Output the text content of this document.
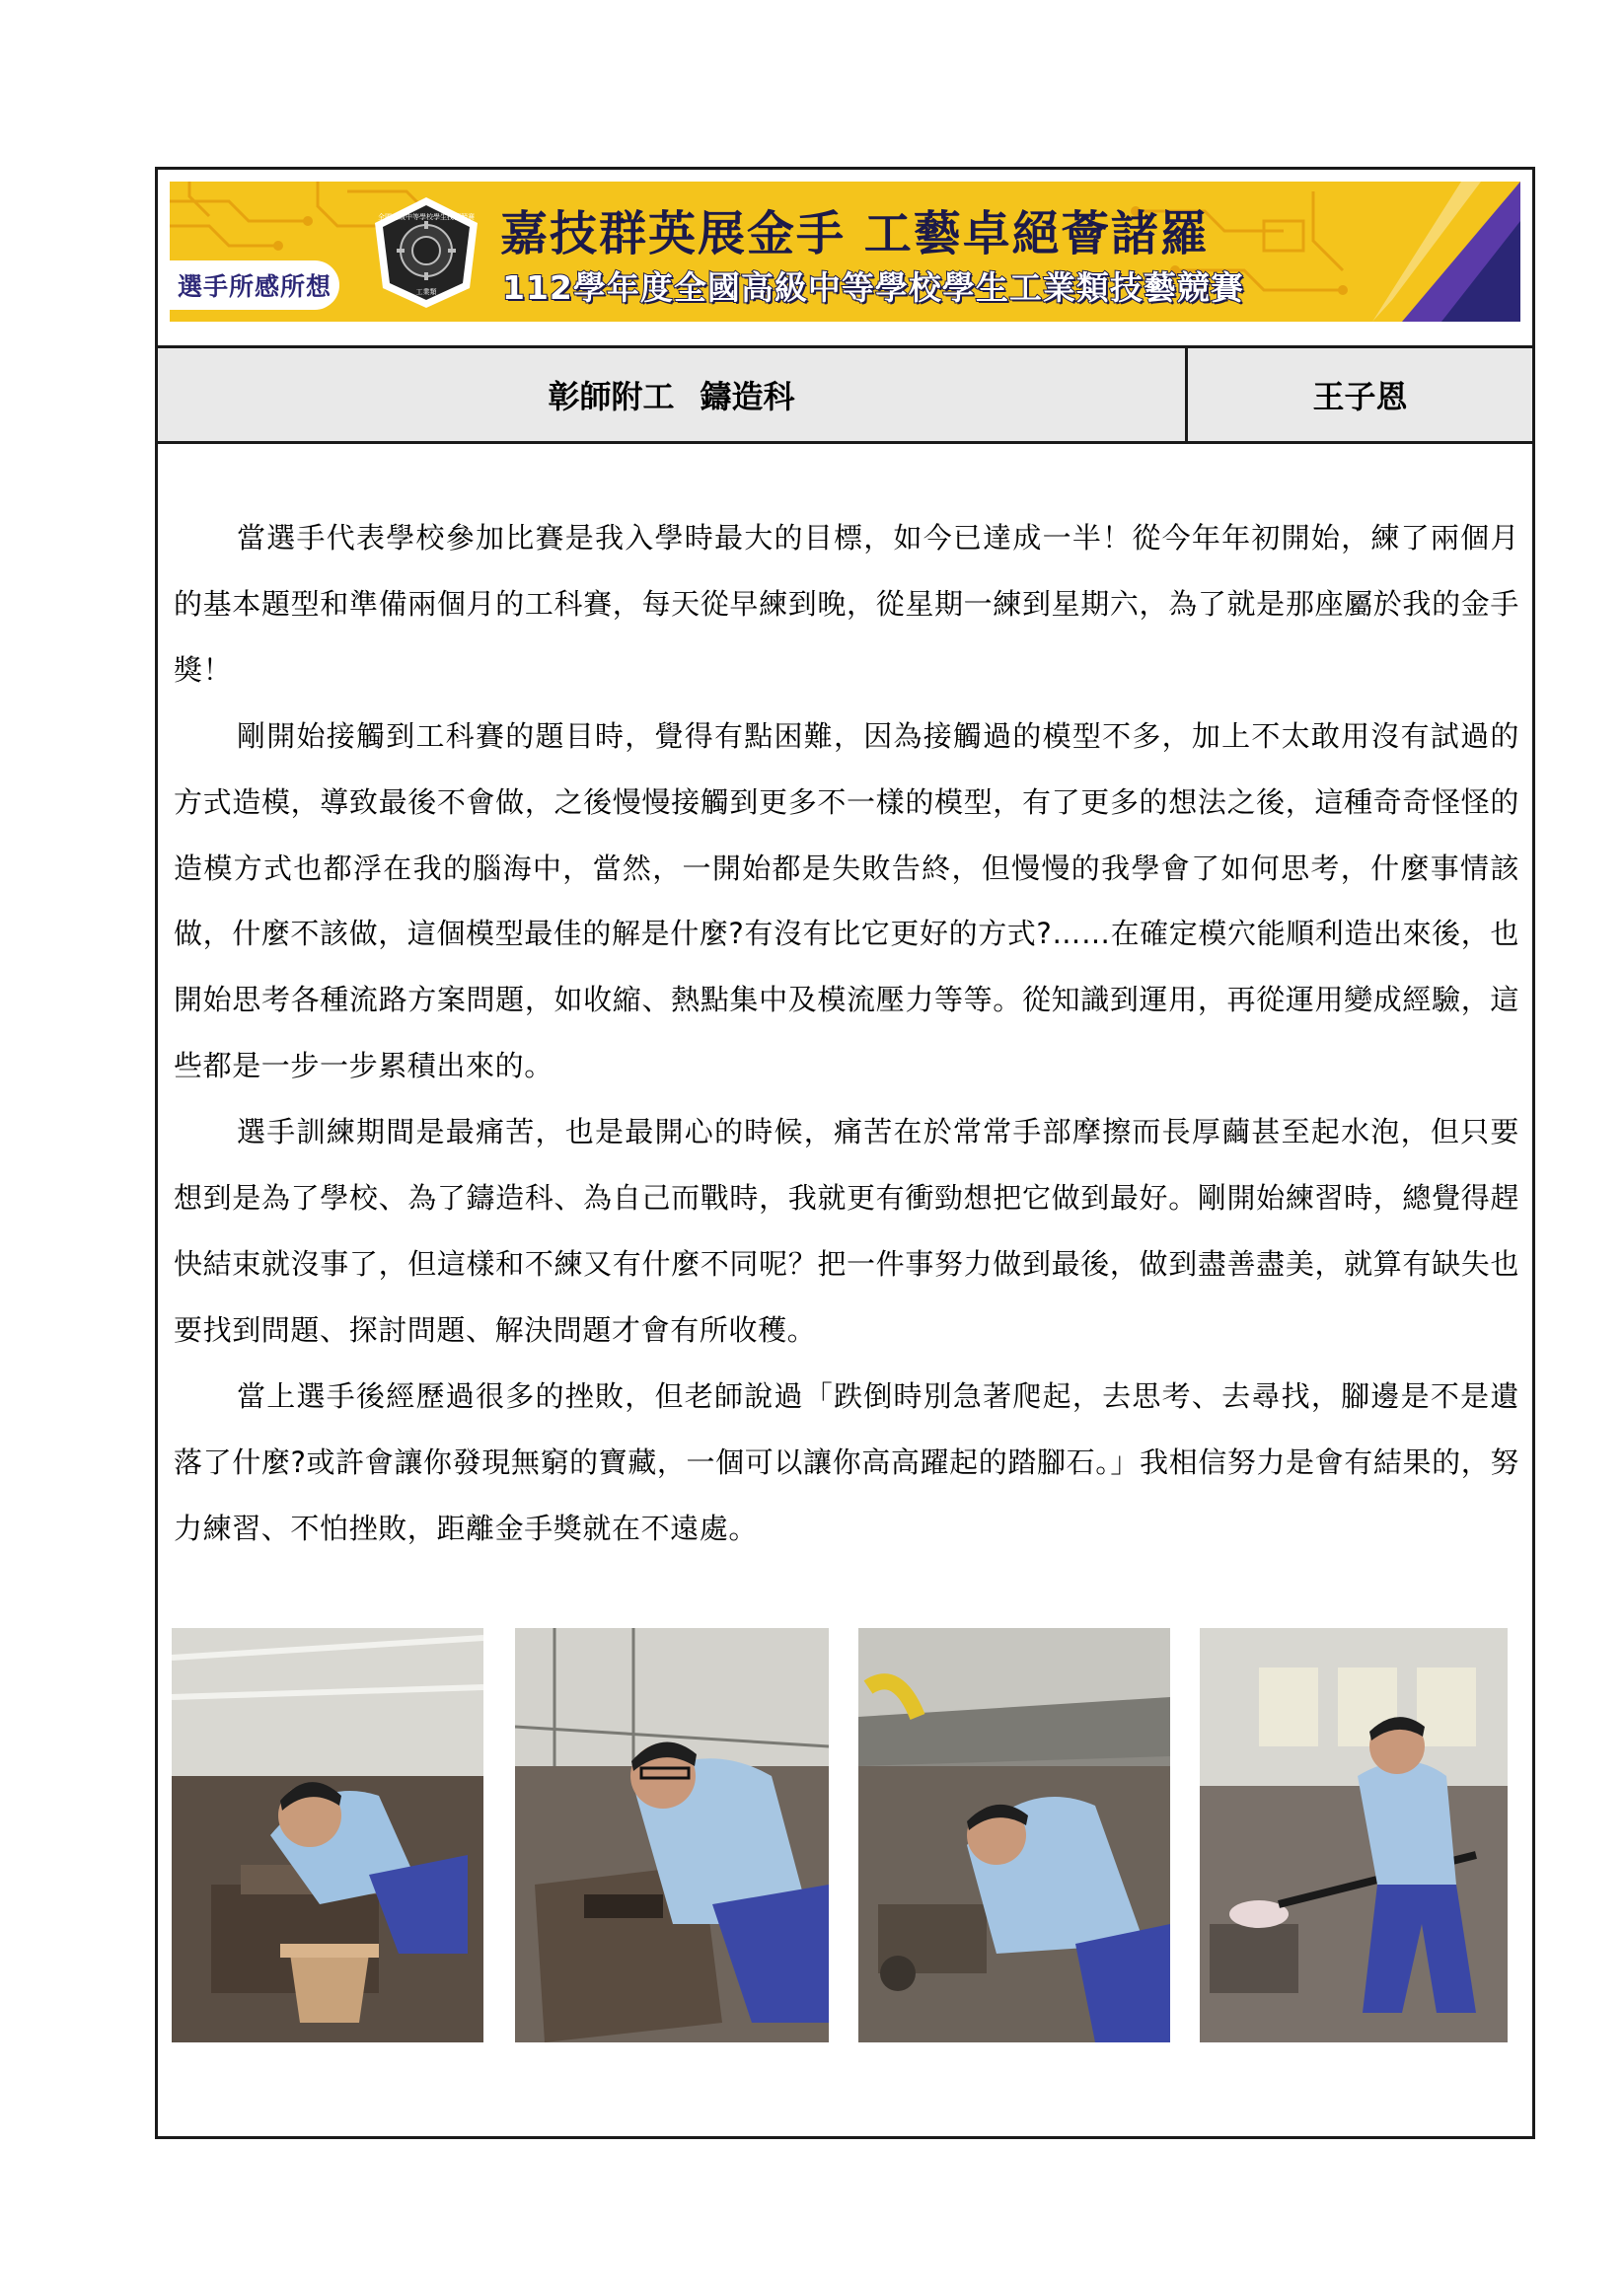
選手所感所想
全國高級中等學校學生技藝競賽
工業類
嘉技群英展金手 工藝卓絕薈諸羅
112學年度全國高級中等學校學生工業類技藝競賽
彰師附工 鑄造科	王子恩

當選手代表學校參加比賽是我入學時最大的目標，如今已達成一半！從今年年初開始，練了兩個月的基本題型和準備兩個月的工科賽，每天從早練到晚，從星期一練到星期六，為了就是那座屬於我的金手獎！

剛開始接觸到工科賽的題目時，覺得有點困難，因為接觸過的模型不多，加上不太敢用沒有試過的方式造模，導致最後不會做，之後慢慢接觸到更多不一樣的模型，有了更多的想法之後，這種奇奇怪怪的造模方式也都浮在我的腦海中，當然，一開始都是失敗告終，但慢慢的我學會了如何思考，什麼事情該做，什麼不該做，這個模型最佳的解是什麼?有沒有比它更好的方式?……在確定模穴能順利造出來後，也開始思考各種流路方案問題，如收縮、熱點集中及模流壓力等等。從知識到運用，再從運用變成經驗，這些都是一步一步累積出來的。

選手訓練期間是最痛苦，也是最開心的時候，痛苦在於常常手部摩擦而長厚繭甚至起水泡，但只要想到是為了學校、為了鑄造科、為自己而戰時，我就更有衝勁想把它做到最好。剛開始練習時，總覺得趕快結束就沒事了，但這樣和不練又有什麼不同呢？把一件事努力做到最後，做到盡善盡美，就算有缺失也要找到問題、探討問題、解決問題才會有所收穫。

當上選手後經歷過很多的挫敗，但老師說過「跌倒時別急著爬起，去思考、去尋找，腳邊是不是遺落了什麼?或許會讓你發現無窮的寶藏，一個可以讓你高高躍起的踏腳石。」我相信努力是會有結果的，努力練習、不怕挫敗，距離金手獎就在不遠處。
